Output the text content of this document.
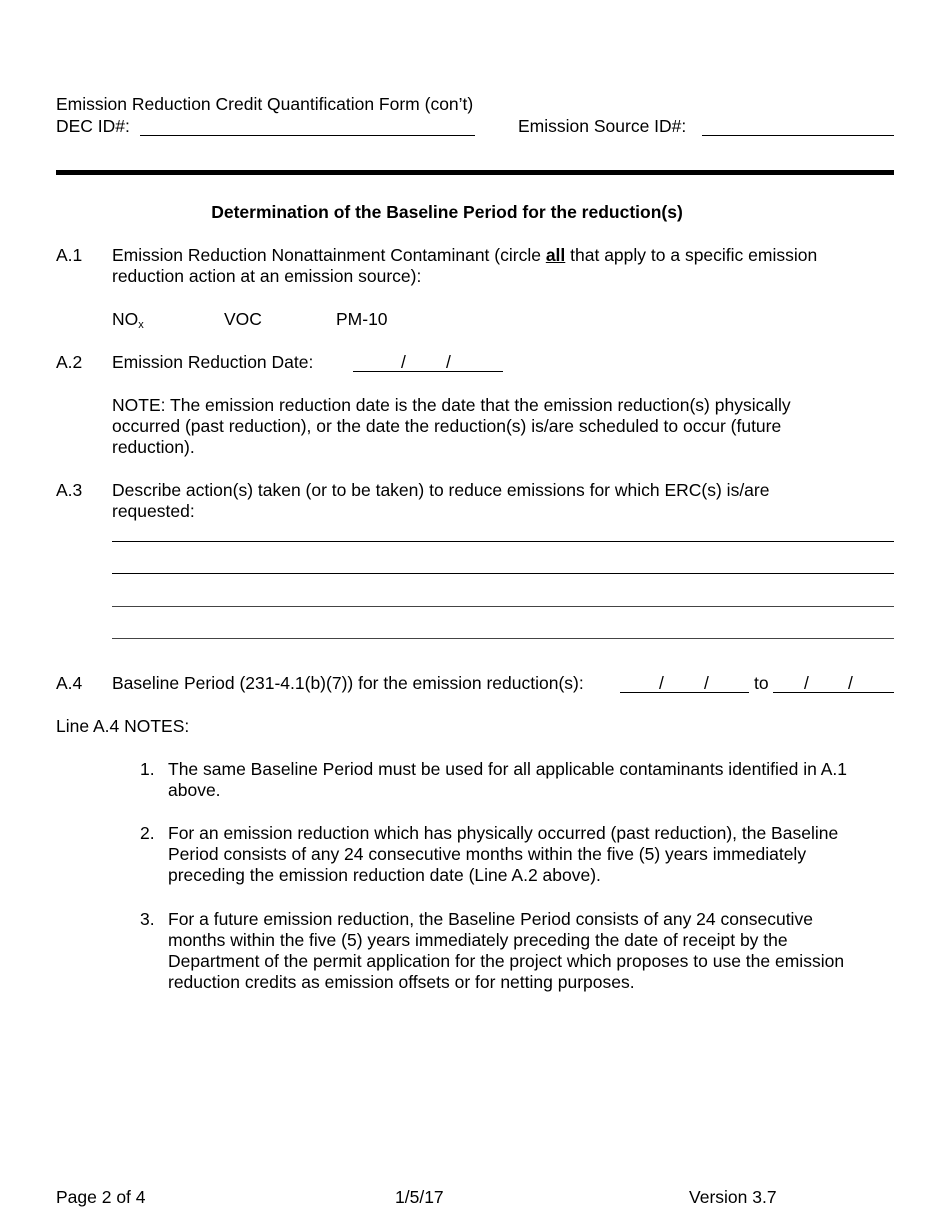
Emission Reduction Credit Quantification Form (con’t)
DEC ID#:	Emission Source ID#:
Determination of the Baseline Period for the reduction(s)
A.1 Emission Reduction Nonattainment Contaminant (circle all that apply to a specific emission
reduction action at an emission source):
NOx	VOC	PM-10
A.2 Emission Reduction Date:	/ /
NOTE: The emission reduction date is the date that the emission reduction(s) physically
occurred (past reduction), or the date the reduction(s) is/are scheduled to occur (future
reduction).
A.3 Describe action(s) taken (or to be taken) to reduce emissions for which ERC(s) is/are
requested:
A.4 Baseline Period (231-4.1(b)(7)) for the emission reduction(s):	/ /	to / /
Line A.4 NOTES:
1. The same Baseline Period must be used for all applicable contaminants identified in A.1
above.
2. For an emission reduction which has physically occurred (past reduction), the Baseline
Period consists of any 24 consecutive months within the five (5) years immediately
preceding the emission reduction date (Line A.2 above).
3. For a future emission reduction, the Baseline Period consists of any 24 consecutive
months within the five (5) years immediately preceding the date of receipt by the
Department of the permit application for the project which proposes to use the emission
reduction credits as emission offsets or for netting purposes.
Page 2 of 4	1/5/17	Version 3.7
